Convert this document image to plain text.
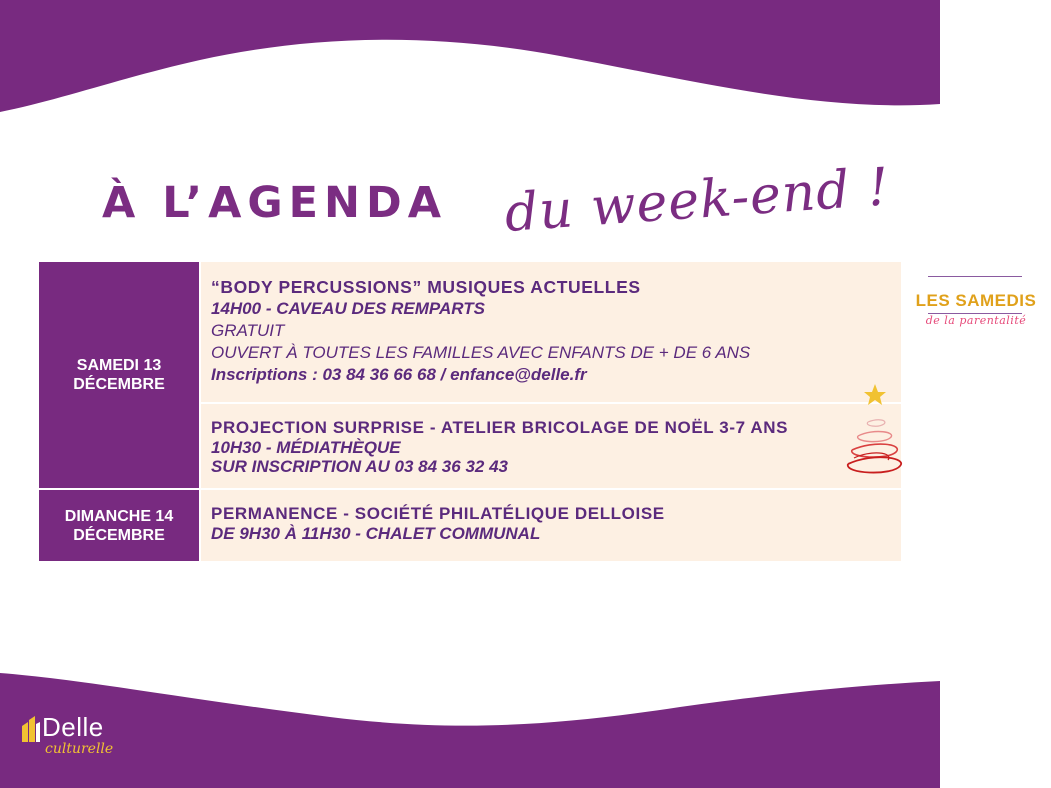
À L’AGENDA du week-end !
SAMEDI 13
DÉCEMBRE
DIMANCHE 14
DÉCEMBRE
“BODY PERCUSSIONS” MUSIQUES ACTUELLES
14H00 - CAVEAU DES REMPARTS
GRATUIT
OUVERT À TOUTES LES FAMILLES AVEC ENFANTS DE + DE 6 ANS
Inscriptions : 03 84 36 66 68 / enfance@delle.fr
LES SAMEDIS
de la parentalité
PROJECTION SURPRISE - ATELIER BRICOLAGE DE NOËL 3-7 ANS
10H30 - MÉDIATHÈQUE
SUR INSCRIPTION AU 03 84 36 32 43
PERMANENCE - SOCIÉTÉ PHILATÉLIQUE DELLOISE
DE 9H30 À 11H30 - CHALET COMMUNAL
Delle
culturelle
